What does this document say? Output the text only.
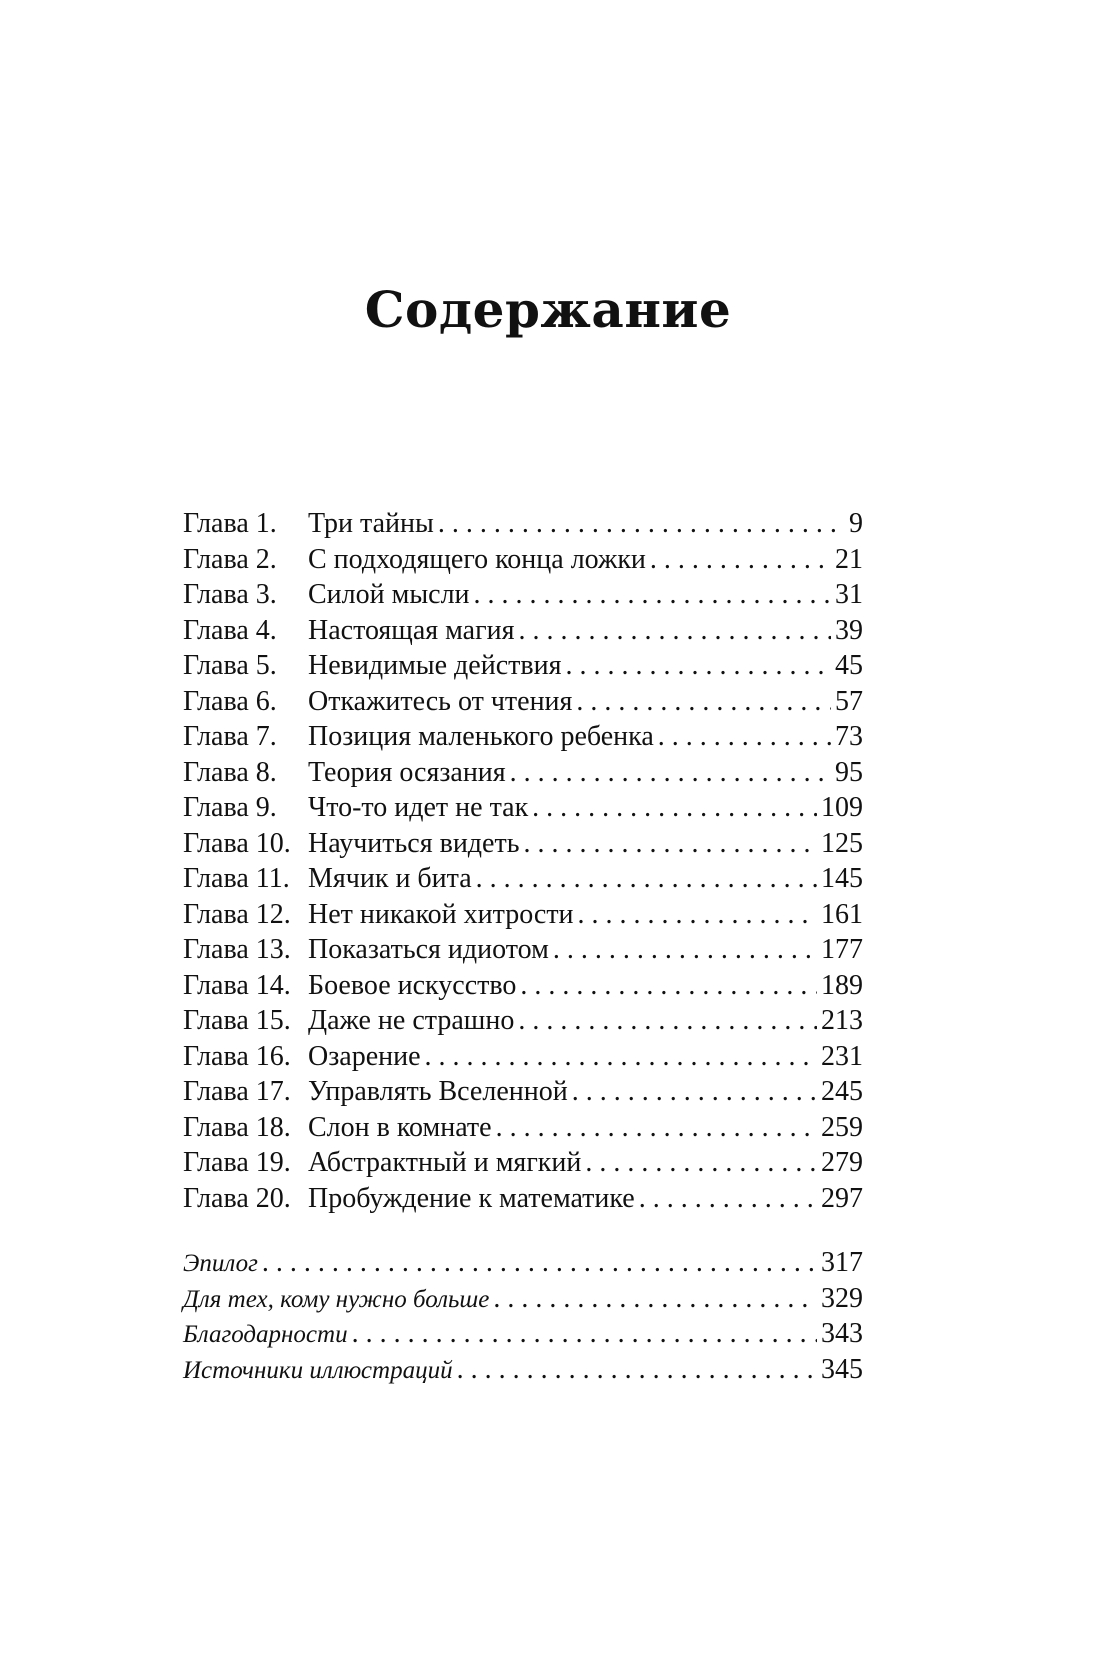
Содержание
Глава 1.	Три тайны . . .	9
Глава 2.	С подходящего конца ложки . . .	21
Глава 3.	Силой мысли . . .	31
Глава 4.	Настоящая магия . . .	39
Глава 5.	Невидимые действия . . .	45
Глава 6.	Откажитесь от чтения . . .	57
Глава 7.	Позиция маленького ребенка . . .	73
Глава 8.	Теория осязания . . .	95
Глава 9.	Что-то идет не так . . .	109
Глава 10. Научиться видеть . . .	125
Глава 11. Мячик и бита . . .	145
Глава 12. Нет никакой хитрости . . .	161
Глава 13. Показаться идиотом . . .	177
Глава 14. Боевое искусство . . .	189
Глава 15. Даже не страшно . . .	213
Глава 16. Озарение . . .	231
Глава 17. Управлять Вселенной . . .	245
Глава 18. Слон в комнате . . .	259
Глава 19. Абстрактный и мягкий . . .	279
Глава 20. Пробуждение к математике . . .	297
Эпилог . . .	317
Для тех, кому нужно больше . . .	329
Благодарности . . .	343
Источники иллюстраций . . .	345
